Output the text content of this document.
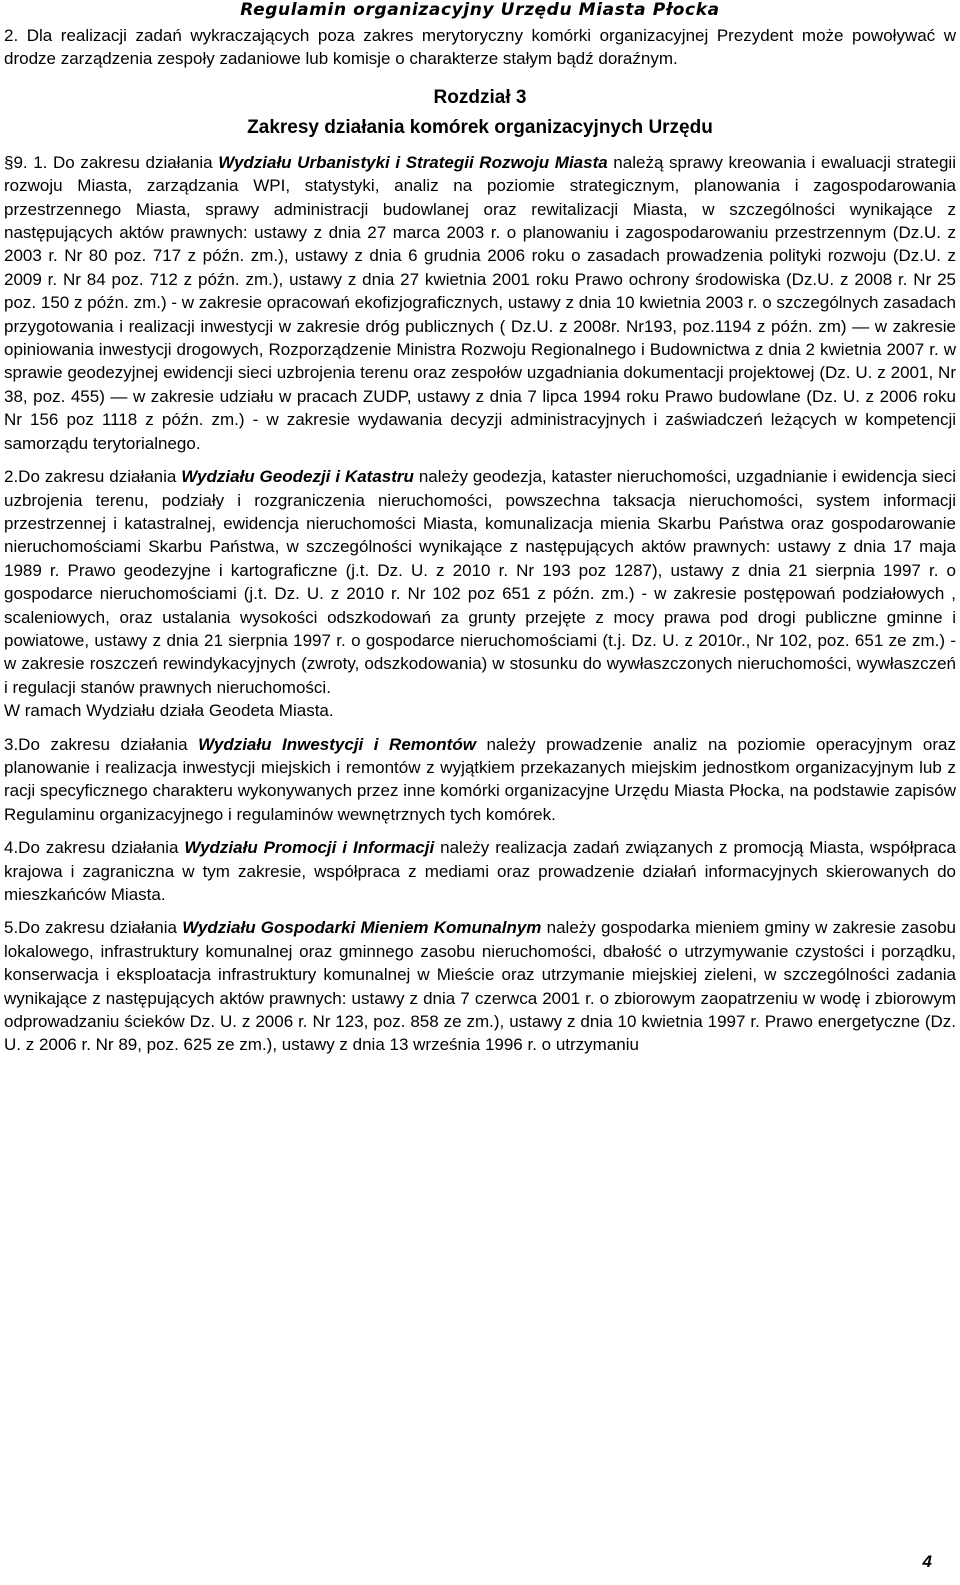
Regulamin organizacyjny Urzędu Miasta Płocka

2. Dla realizacji zadań wykraczających poza zakres merytoryczny komórki organizacyjnej Prezydent może powoływać w drodze zarządzenia zespoły zadaniowe lub komisje o charakterze stałym bądź doraźnym.

Rozdział 3

Zakresy działania komórek organizacyjnych Urzędu

§9. 1. Do zakresu działania Wydziału Urbanistyki i Strategii Rozwoju Miasta należą sprawy kreowania i ewaluacji strategii rozwoju Miasta, zarządzania WPI, statystyki, analiz na poziomie strategicznym, planowania i zagospodarowania przestrzennego Miasta, sprawy administracji budowlanej oraz rewitalizacji Miasta, w szczególności wynikające z następujących aktów prawnych: ustawy z dnia 27 marca 2003 r. o planowaniu i zagospodarowaniu przestrzennym (Dz.U. z 2003 r. Nr 80 poz. 717 z późn. zm.), ustawy z dnia 6 grudnia 2006 roku o zasadach prowadzenia polityki rozwoju (Dz.U. z 2009 r. Nr 84 poz. 712 z późn. zm.), ustawy z dnia 27 kwietnia 2001 roku Prawo ochrony środowiska (Dz.U. z 2008 r. Nr 25 poz. 150 z późn. zm.) - w zakresie opracowań ekofizjograficznych, ustawy z dnia 10 kwietnia 2003 r. o szczególnych zasadach przygotowania i realizacji inwestycji w zakresie dróg publicznych ( Dz.U. z 2008r. Nr193, poz.1194 z późn. zm) — w zakresie opiniowania inwestycji drogowych, Rozporządzenie Ministra Rozwoju Regionalnego i Budownictwa z dnia 2 kwietnia 2007 r. w sprawie geodezyjnej ewidencji sieci uzbrojenia terenu oraz zespołów uzgadniania dokumentacji projektowej (Dz. U. z 2001, Nr 38, poz. 455) — w zakresie udziału w pracach ZUDP, ustawy z dnia 7 lipca 1994 roku Prawo budowlane (Dz. U. z 2006 roku Nr 156 poz 1118 z późn. zm.) - w zakresie wydawania decyzji administracyjnych i zaświadczeń leżących w kompetencji samorządu terytorialnego.

2.Do zakresu działania Wydziału Geodezji i Katastru należy geodezja, kataster nieruchomości, uzgadnianie i ewidencja sieci uzbrojenia terenu, podziały i rozgraniczenia nieruchomości, powszechna taksacja nieruchomości, system informacji przestrzennej i katastralnej, ewidencja nieruchomości Miasta, komunalizacja mienia Skarbu Państwa oraz gospodarowanie nieruchomościami Skarbu Państwa, w szczególności wynikające z następujących aktów prawnych: ustawy z dnia 17 maja 1989 r. Prawo geodezyjne i kartograficzne (j.t. Dz. U. z 2010 r. Nr 193 poz 1287), ustawy z dnia 21 sierpnia 1997 r. o gospodarce nieruchomościami (j.t. Dz. U. z 2010 r. Nr 102 poz 651 z późn. zm.) - w zakresie postępowań podziałowych , scaleniowych, oraz ustalania wysokości odszkodowań za grunty przejęte z mocy prawa pod drogi publiczne gminne i powiatowe, ustawy z dnia 21 sierpnia 1997 r. o gospodarce nieruchomościami (t.j. Dz. U. z 2010r., Nr 102, poz. 651 ze zm.) - w zakresie roszczeń rewindykacyjnych (zwroty, odszkodowania) w stosunku do wywłaszczonych nieruchomości, wywłaszczeń i regulacji stanów prawnych nieruchomości.

W ramach Wydziału działa Geodeta Miasta.

3.Do zakresu działania Wydziału Inwestycji i Remontów należy prowadzenie analiz na poziomie operacyjnym oraz planowanie i realizacja inwestycji miejskich i remontów z wyjątkiem przekazanych miejskim jednostkom organizacyjnym lub z racji specyficznego charakteru wykonywanych przez inne komórki organizacyjne Urzędu Miasta Płocka, na podstawie zapisów Regulaminu organizacyjnego i regulaminów wewnętrznych tych komórek.

4.Do zakresu działania Wydziału Promocji i Informacji należy realizacja zadań związanych z promocją Miasta, współpraca krajowa i zagraniczna w tym zakresie, współpraca z mediami oraz prowadzenie działań informacyjnych skierowanych do mieszkańców Miasta.

5.Do zakresu działania Wydziału Gospodarki Mieniem Komunalnym należy gospodarka mieniem gminy w zakresie zasobu lokalowego, infrastruktury komunalnej oraz gminnego zasobu nieruchomości, dbałość o utrzymywanie czystości i porządku, konserwacja i eksploatacja infrastruktury komunalnej w Mieście oraz utrzymanie miejskiej zieleni, w szczególności zadania wynikające z następujących aktów prawnych: ustawy z dnia 7 czerwca 2001 r. o zbiorowym zaopatrzeniu w wodę i zbiorowym odprowadzaniu ścieków Dz. U. z 2006 r. Nr 123, poz. 858 ze zm.), ustawy z dnia 10 kwietnia 1997 r. Prawo energetyczne (Dz. U. z 2006 r. Nr 89, poz. 625 ze zm.), ustawy z dnia 13 września 1996 r. o utrzymaniu

4
